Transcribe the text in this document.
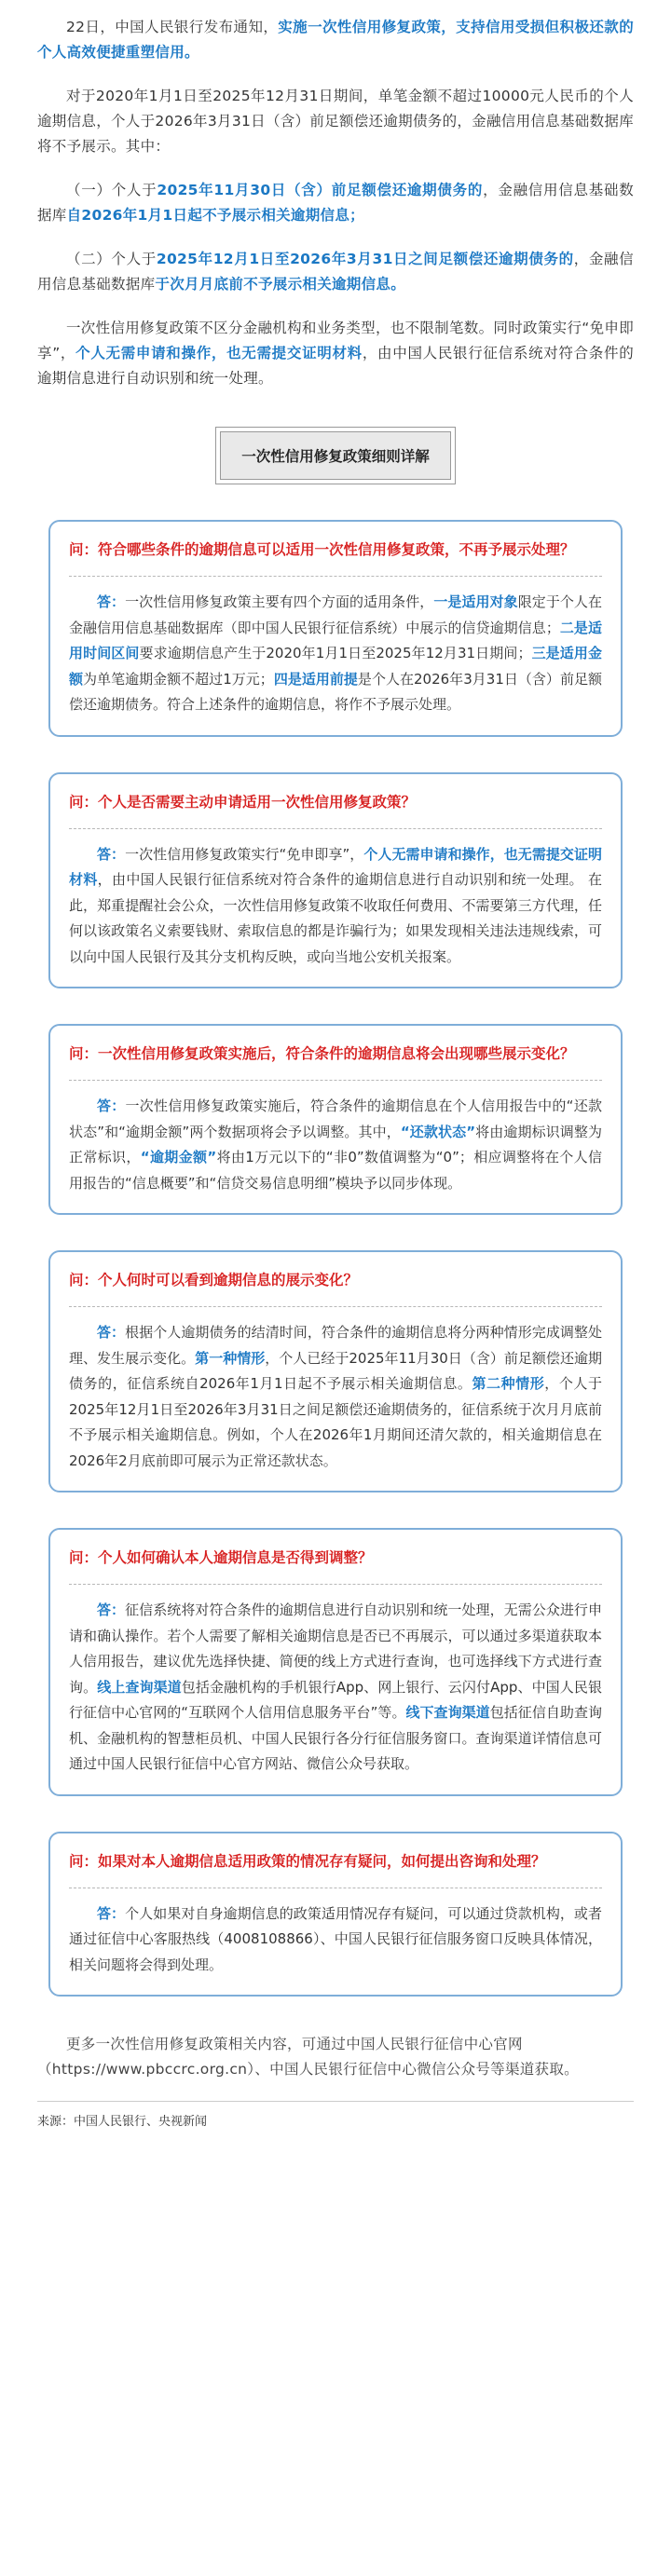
22日，中国人民银行发布通知，实施一次性信用修复政策，支持信用受损但积极还款的个人高效便捷重塑信用。

对于2020年1月1日至2025年12月31日期间，单笔金额不超过10000元人民币的个人逾期信息，个人于2026年3月31日（含）前足额偿还逾期债务的，金融信用信息基础数据库将不予展示。其中：

（一）个人于2025年11月30日（含）前足额偿还逾期债务的，金融信用信息基础数据库自2026年1月1日起不予展示相关逾期信息；

（二）个人于2025年12月1日至2026年3月31日之间足额偿还逾期债务的，金融信用信息基础数据库于次月月底前不予展示相关逾期信息。

一次性信用修复政策不区分金融机构和业务类型，也不限制笔数。同时政策实行“免申即享”，个人无需申请和操作，也无需提交证明材料，由中国人民银行征信系统对符合条件的逾期信息进行自动识别和统一处理。

一次性信用修复政策细则详解

问：符合哪些条件的逾期信息可以适用一次性信用修复政策，不再予展示处理？

答：一次性信用修复政策主要有四个方面的适用条件，一是适用对象限定于个人在金融信用信息基础数据库（即中国人民银行征信系统）中展示的信贷逾期信息；二是适用时间区间要求逾期信息产生于2020年1月1日至2025年12月31日期间；三是适用金额为单笔逾期金额不超过1万元；四是适用前提是个人在2026年3月31日（含）前足额偿还逾期债务。符合上述条件的逾期信息，将作不予展示处理。

问：个人是否需要主动申请适用一次性信用修复政策？

答：一次性信用修复政策实行“免申即享”，个人无需申请和操作，也无需提交证明材料，由中国人民银行征信系统对符合条件的逾期信息进行自动识别和统一处理。 在此，郑重提醒社会公众，一次性信用修复政策不收取任何费用、不需要第三方代理，任何以该政策名义索要钱财、索取信息的都是诈骗行为；如果发现相关违法违规线索，可以向中国人民银行及其分支机构反映，或向当地公安机关报案。

问：一次性信用修复政策实施后，符合条件的逾期信息将会出现哪些展示变化？

答：一次性信用修复政策实施后，符合条件的逾期信息在个人信用报告中的“还款状态”和“逾期金额”两个数据项将会予以调整。其中，“还款状态”将由逾期标识调整为正常标识，“逾期金额”将由1万元以下的“非0”数值调整为“0”；相应调整将在个人信用报告的“信息概要”和“信贷交易信息明细”模块予以同步体现。

问：个人何时可以看到逾期信息的展示变化？

答：根据个人逾期债务的结清时间，符合条件的逾期信息将分两种情形完成调整处理、发生展示变化。第一种情形，个人已经于2025年11月30日（含）前足额偿还逾期债务的，征信系统自2026年1月1日起不予展示相关逾期信息。第二种情形，个人于2025年12月1日至2026年3月31日之间足额偿还逾期债务的，征信系统于次月月底前不予展示相关逾期信息。例如，个人在2026年1月期间还清欠款的，相关逾期信息在2026年2月底前即可展示为正常还款状态。

问：个人如何确认本人逾期信息是否得到调整？

答：征信系统将对符合条件的逾期信息进行自动识别和统一处理，无需公众进行申请和确认操作。若个人需要了解相关逾期信息是否已不再展示，可以通过多渠道获取本人信用报告，建议优先选择快捷、简便的线上方式进行查询，也可选择线下方式进行查询。线上查询渠道包括金融机构的手机银行App、网上银行、云闪付App、中国人民银行征信中心官网的“互联网个人信用信息服务平台”等。线下查询渠道包括征信自助查询机、金融机构的智慧柜员机、中国人民银行各分行征信服务窗口。查询渠道详情信息可通过中国人民银行征信中心官方网站、微信公众号获取。

问：如果对本人逾期信息适用政策的情况存有疑问，如何提出咨询和处理？

答：个人如果对自身逾期信息的政策适用情况存有疑问，可以通过贷款机构，或者通过征信中心客服热线（4008108866）、中国人民银行征信服务窗口反映具体情况，相关问题将会得到处理。

更多一次性信用修复政策相关内容，可通过中国人民银行征信中心官网（https://www.pbccrc.org.cn）、中国人民银行征信中心微信公众号等渠道获取。

来源：中国人民银行、央视新闻
